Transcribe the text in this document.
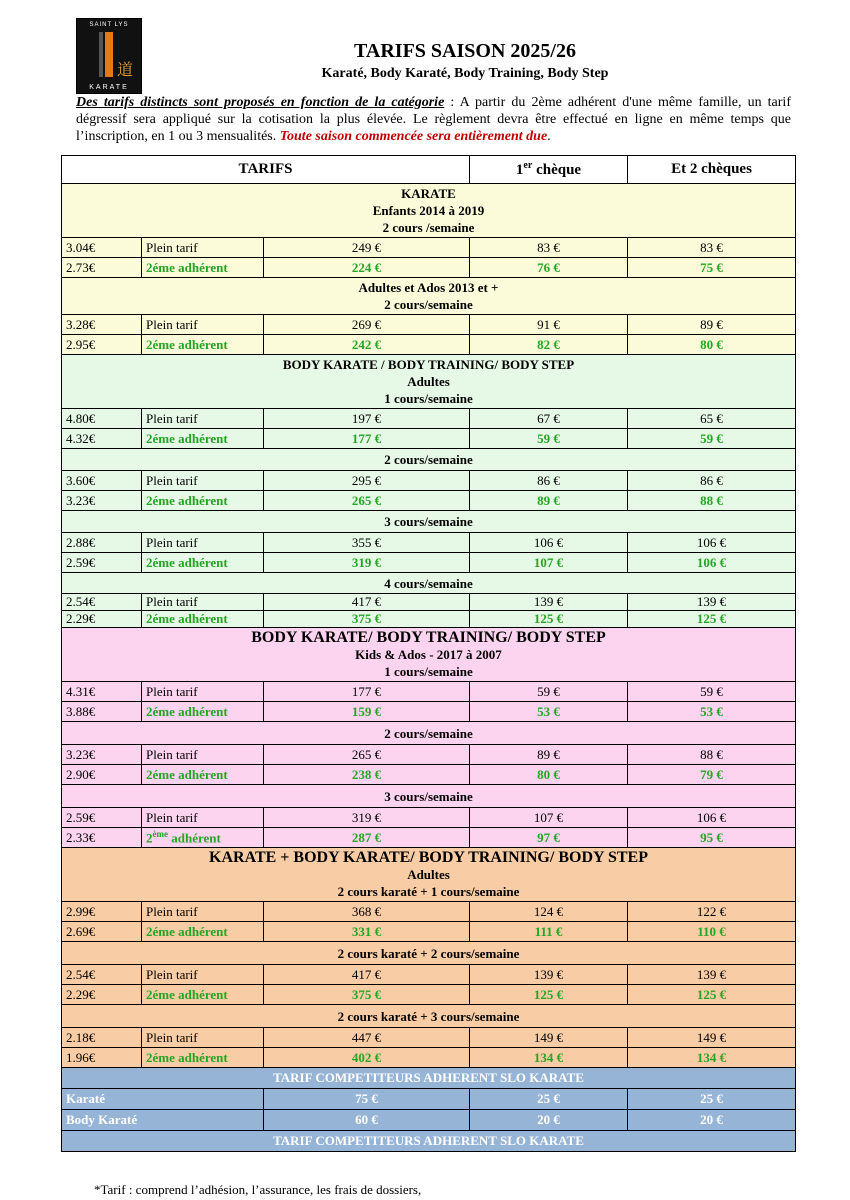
SAINT LYS
道
KARATE
TARIFS SAISON 2025/26
Karaté, Body Karaté, Body Training, Body Step
Des tarifs distincts sont proposés en fonction de la catégorie : A partir du 2ème adhérent d'une même famille, un tarif dégressif sera appliqué sur la cotisation la plus élevée. Le règlement devra être effectué en ligne en même temps que l’inscription, en 1 ou 3 mensualités. Toute saison commencée sera entièrement due.
TARIFS			1er chèque	Et 2 chèques

KARATE
Enfants 2014 à 2019
2 cours /semaine				

3.04€	Plein tarif	249 €	83 €	83 €
2.73€	2éme adhérent	224 €	76 €	75 €

Adultes et Ados 2013 et +
2 cours/semaine				

3.28€	Plein tarif	269 €	91 €	89 €
2.95€	2éme adhérent	242 €	82 €	80 €

BODY KARATE / BODY TRAINING/ BODY STEP
Adultes
1 cours/semaine				

4.80€	Plein tarif	197 €	67 €	65 €
4.32€	2éme adhérent	177 €	59 €	59 €
2 cours/semaine				
3.60€	Plein tarif	295 €	86 €	86 €
3.23€	2éme adhérent	265 €	89 €	88 €
3 cours/semaine				
2.88€	Plein tarif	355 €	106 €	106 €
2.59€	2éme adhérent	319 €	107 €	106 €
4 cours/semaine				
2.54€	Plein tarif	417 €	139 €	139 €
2.29€	2éme adhérent	375 €	125 €	125 €

BODY KARATE/ BODY TRAINING/ BODY STEP
Kids & Ados - 2017 à 2007
1 cours/semaine				

4.31€	Plein tarif	177 €	59 €	59 €
3.88€	2éme adhérent	159 €	53 €	53 €
2 cours/semaine				
3.23€	Plein tarif	265 €	89 €	88 €
2.90€	2éme adhérent	238 €	80 €	79 €
3 cours/semaine				
2.59€	Plein tarif	319 €	107 €	106 €
2.33€	2ème adhérent	287 €	97 €	95 €

KARATE + BODY KARATE/ BODY TRAINING/ BODY STEP
Adultes
2 cours karaté + 1 cours/semaine				

2.99€	Plein tarif	368 €	124 €	122 €
2.69€	2éme adhérent	331 €	111 €	110 €
2 cours karaté + 2 cours/semaine				
2.54€	Plein tarif	417 €	139 €	139 €
2.29€	2éme adhérent	375 €	125 €	125 €
2 cours karaté + 3 cours/semaine				
2.18€	Plein tarif	447 €	149 €	149 €
1.96€	2éme adhérent	402 €	134 €	134 €
TARIF COMPETITEURS ADHERENT SLO KARATE				
Karaté		75 €	25 €	25 €
Body Karaté		60 €	20 €	20 €
TARIF COMPETITEURS ADHERENT SLO KARATE				
*Tarif : comprend l’adhésion, l’assurance, les frais de dossiers,
